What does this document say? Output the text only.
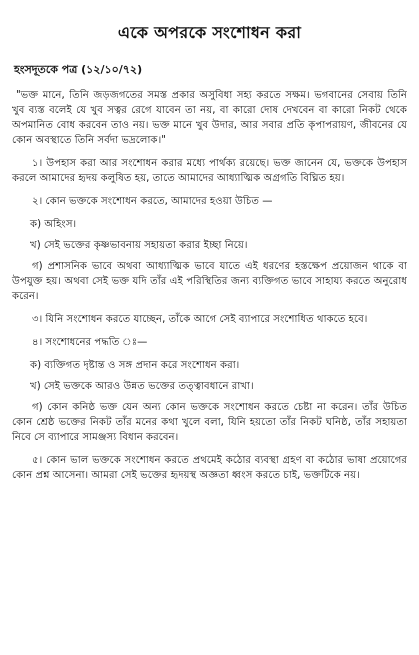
একে অপরকে সংশোধন করা
হংসদূতকে পত্র (১২/১০/৭২)

"ভক্ত মানে, তিনি জড়জগতের সমস্ত প্রকার অসুবিধা সহ্য করতে সক্ষম। ভগবানের সেবায় তিনি খুব ব্যস্ত বলেই যে খুব সত্বর রেগে যাবেন তা নয়, বা কারো দোষ দেখবেন বা কারো নিকট থেকে অপমানিত বোধ করবেন তাও নয়। ভক্ত মানে খুব উদার, আর সবার প্রতি কৃপাপরায়ণ, জীবনের যে কোন অবস্থাতে তিনি সর্বদা ভদ্রলোক।"

১। উপহাস করা আর সংশোধন করার মধ্যে পার্থক্য রয়েছে। ভক্ত জানেন যে, ভক্তকে উপহাস করলে আমাদের হৃদয় কলুষিত হয়, তাতে আমাদের আধ্যাত্মিক অগ্রগতি বিঘ্নিত হয়।

২। কোন ভক্তকে সংশোধন করতে, আমাদের হওয়া উচিত —

ক) অহিংস।

খ) সেই ভক্তের কৃষ্ণভাবনায় সহায়তা করার ইচ্ছা নিয়ে।

গ) প্রশাসনিক ভাবে অথবা আধ্যাত্মিক ভাবে যাতে এই ধরণের হস্তক্ষেপ প্রয়োজন থাকে বা উপযুক্ত হয়। অথবা সেই ভক্ত যদি তাঁর এই পরিস্থিতির জন্য ব্যক্তিগত ভাবে সাহায্য করতে অনুরোধ করেন।

৩। যিনি সংশোধন করতে যাচ্ছেন, তাঁকে আগে সেই ব্যাপারে সংশোধিত থাকতে হবে।

৪। সংশোধনের পদ্ধতি ঃ—

ক) ব্যক্তিগত দৃষ্টান্ত ও সঙ্গ প্রদান করে সংশোধন করা।

খ) সেই ভক্তকে আরও উন্নত ভক্তের তত্ত্বাবধানে রাখা।

গ) কোন কনিষ্ঠ ভক্ত যেন অন্য কোন ভক্তকে সংশোধন করতে চেষ্টা না করেন। তাঁর উচিত কোন শ্রেষ্ঠ ভক্তের নিকট তাঁর মনের কথা খুলে বলা, যিনি হয়তো তাঁর নিকট ঘনিষ্ঠ, তাঁর সহায়তা নিবে সে ব্যাপারে সামঞ্জস্য বিধান করবেন।

৫। কোন ভাল ভক্তকে সংশোধন করতে প্রথমেই কঠোর ব্যবস্থা গ্রহণ বা কঠোর ভাষা প্রয়োগের কোন প্রশ্ন আসেনা। আমরা সেই ভক্তের হৃদয়স্থ অজ্ঞতা ধ্বংস করতে চাই, ভক্তটিকে নয়।
